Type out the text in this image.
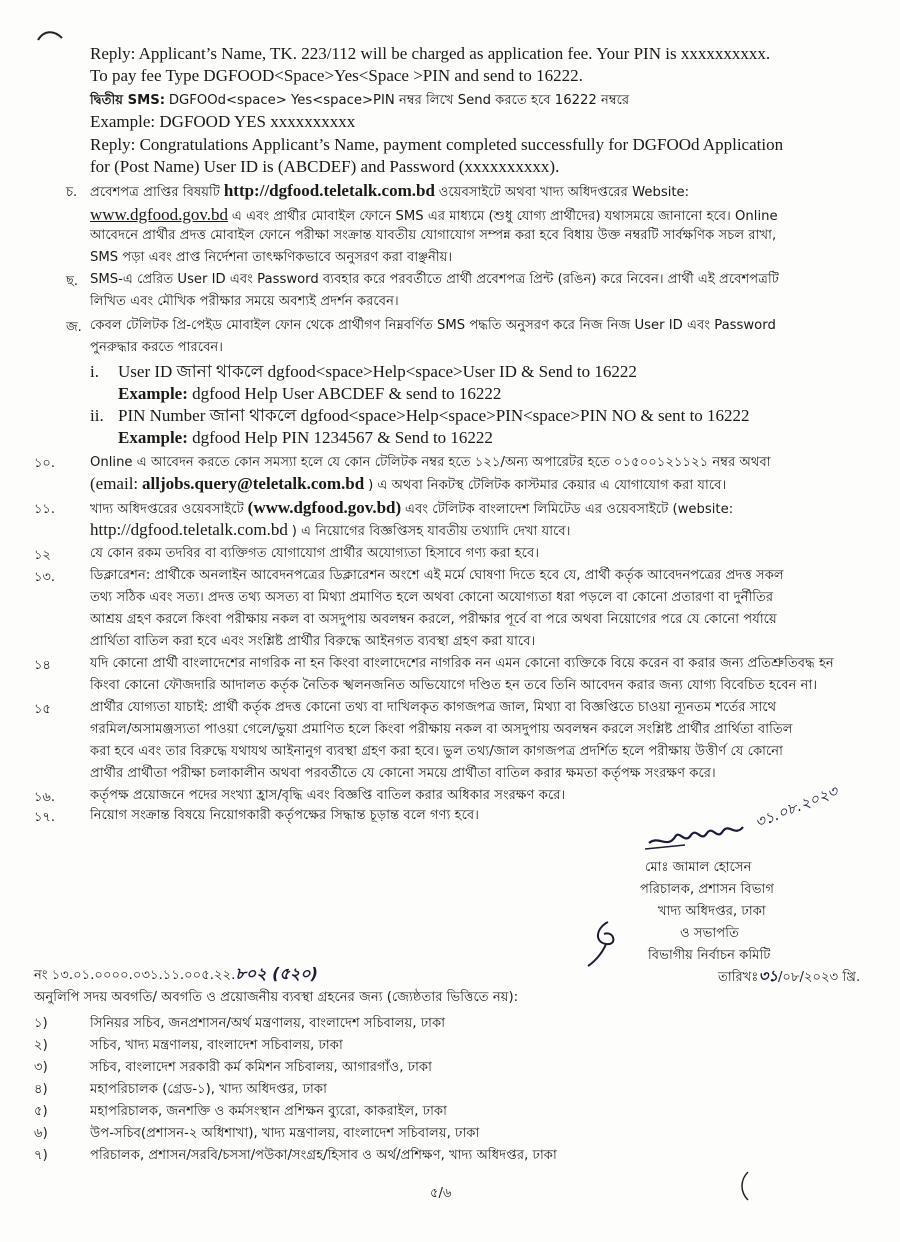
Reply: Applicant’s Name, TK. 223/112 will be charged as application fee. Your PIN is xxxxxxxxxx.
To pay fee Type DGFOOD<Space>Yes<Space >PIN and send to 16222.
দ্বিতীয় SMS: DGFOOd<space> Yes<space>PIN নম্বর লিখে Send করতে হবে 16222 নম্বরে
Example: DGFOOD YES xxxxxxxxxx
Reply: Congratulations Applicant’s Name, payment completed successfully for DGFOOd Application
for (Post Name) User ID is (ABCDEF) and Password (xxxxxxxxxx).
চ. প্রবেশপত্র প্রাপ্তির বিষয়টি http://dgfood.teletalk.com.bd ওয়েবসাইটে অথবা খাদ্য অধিদপ্তরের Website:
www.dgfood.gov.bd এ এবং প্রার্থীর মোবাইল ফোনে SMS এর মাধ্যমে (শুধু যোগ্য প্রার্থীদের) যথাসময়ে জানানো হবে। Online
আবেদনে প্রার্থীর প্রদত্ত মোবাইল ফোনে পরীক্ষা সংক্রান্ত যাবতীয় যোগাযোগ সম্পন্ন করা হবে বিধায় উক্ত নম্বরটি সার্বক্ষণিক সচল রাখা,
SMS পড়া এবং প্রাপ্ত নির্দেশনা তাৎক্ষণিকভাবে অনুসরণ করা বাঞ্ছনীয়।
ছ. SMS-এ প্রেরিত User ID এবং Password ব্যবহার করে পরবর্তীতে প্রার্থী প্রবেশপত্র প্রিন্ট (রঙিন) করে নিবেন। প্রার্থী এই প্রবেশপত্রটি
লিখিত এবং মৌখিক পরীক্ষার সময়ে অবশ্যই প্রদর্শন করবেন।
জ. কেবল টেলিটক প্রি-পেইড মোবাইল ফোন থেকে প্রার্থীগণ নিম্নবর্ণিত SMS পদ্ধতি অনুসরণ করে নিজ নিজ User ID এবং Password
পুনরুদ্ধার করতে পারবেন।
i. User ID জানা থাকলে dgfood<space>Help<space>User ID & Send to 16222
Example: dgfood Help User ABCDEF & send to 16222
ii. PIN Number জানা থাকলে dgfood<space>Help<space>PIN<space>PIN NO & sent to 16222
Example: dgfood Help PIN 1234567 & Send to 16222
১০.	Online এ আবেদন করতে কোন সমস্যা হলে যে কোন টেলিটক নম্বর হতে ১২১/অন্য অপারেটর হতে ০১৫০০১২১১২১ নম্বর অথবা
(email: alljobs.query@teletalk.com.bd ) এ অথবা নিকটস্থ টেলিটক কাস্টমার কেয়ার এ যোগাযোগ করা যাবে।
১১.	খাদ্য অধিদপ্তরের ওয়েবসাইটে (www.dgfood.gov.bd) এবং টেলিটক বাংলাদেশ লিমিটেড এর ওয়েবসাইটে (website:
http://dgfood.teletalk.com.bd ) এ নিয়োগের বিজ্ঞপ্তিসহ যাবতীয় তথ্যাদি দেখা যাবে।
১২	যে কোন রকম তদবির বা ব্যক্তিগত যোগাযোগ প্রার্থীর অযোগ্যতা হিসাবে গণ্য করা হবে।
১৩.	ডিক্লারেশন: প্রার্থীকে অনলাইন আবেদনপত্রের ডিক্লারেশন অংশে এই মর্মে ঘোষণা দিতে হবে যে, প্রার্থী কর্তৃক আবেদনপত্রের প্রদত্ত সকল
তথ্য সঠিক এবং সত্য। প্রদত্ত তথ্য অসত্য বা মিথ্যা প্রমাণিত হলে অথবা কোনো অযোগ্যতা ধরা পড়লে বা কোনো প্রতারণা বা দুর্নীতির
আশ্রয় গ্রহণ করলে কিংবা পরীক্ষায় নকল বা অসদুপায় অবলম্বন করলে, পরীক্ষার পূর্বে বা পরে অথবা নিয়োগের পরে যে কোনো পর্যায়ে
প্রার্থিতা বাতিল করা হবে এবং সংশ্লিষ্ট প্রার্থীর বিরুদ্ধে আইনগত ব্যবস্থা গ্রহণ করা যাবে।
১৪	যদি কোনো প্রার্থী বাংলাদেশের নাগরিক না হন কিংবা বাংলাদেশের নাগরিক নন এমন কোনো ব্যক্তিকে বিয়ে করেন বা করার জন্য প্রতিশ্রুতিবদ্ধ হন
কিংবা কোনো ফৌজদারি আদালত কর্তৃক নৈতিক স্খলনজনিত অভিযোগে দণ্ডিত হন তবে তিনি আবেদন করার জন্য যোগ্য বিবেচিত হবেন না।
১৫	প্রার্থীর যোগ্যতা যাচাই: প্রার্থী কর্তৃক প্রদত্ত কোনো তথ্য বা দাখিলকৃত কাগজপত্র জাল, মিথ্যা বা বিজ্ঞপ্তিতে চাওয়া ন্যূনতম শর্তের সাথে
গরমিল/অসামঞ্জস্যতা পাওয়া গেলে/ভুয়া প্রমাণিত হলে কিংবা পরীক্ষায় নকল বা অসদুপায় অবলম্বন করলে সংশ্লিষ্ট প্রার্থীর প্রার্থিতা বাতিল
করা হবে এবং তার বিরুদ্ধে যথাযথ আইনানুগ ব্যবস্থা গ্রহণ করা হবে। ভুল তথ্য/জাল কাগজপত্র প্রদর্শিত হলে পরীক্ষায় উত্তীর্ণ যে কোনো
প্রার্থীর প্রার্থীতা পরীক্ষা চলাকালীন অথবা পরবর্তীতে যে কোনো সময়ে প্রার্থীতা বাতিল করার ক্ষমতা কর্তৃপক্ষ সংরক্ষণ করে।
১৬.	কর্তৃপক্ষ প্রয়োজনে পদের সংখ্যা হ্রাস/বৃদ্ধি এবং বিজ্ঞপ্তি বাতিল করার অধিকার সংরক্ষণ করে।
১৭.	নিয়োগ সংক্রান্ত বিষয়ে নিয়োগকারী কর্তৃপক্ষের সিদ্ধান্ত চূড়ান্ত বলে গণ্য হবে।	৩১.০৮.২০২৩
মোঃ জামাল হোসেন
পরিচালক, প্রশাসন বিভাগ
খাদ্য অধিদপ্তর, ঢাকা
ও সভাপতি
বিভাগীয় নির্বাচন কমিটি
নং ১৩.০১.০০০০.০৩১.১১.০০৫.২২.৮০২ (৫২০)	তারিখঃ৩১/০৮/২০২৩ খ্রি.
অনুলিপি সদয় অবগতি/ অবগতি ও প্রয়োজনীয় ব্যবস্থা গ্রহনের জন্য (জ্যেষ্ঠতার ভিত্তিতে নয়):
১)	সিনিয়র সচিব, জনপ্রশাসন/অর্থ মন্ত্রণালয়, বাংলাদেশ সচিবালয়, ঢাকা
২)	সচিব, খাদ্য মন্ত্রণালয়, বাংলাদেশ সচিবালয়, ঢাকা
৩)	সচিব, বাংলাদেশ সরকারী কর্ম কমিশন সচিবালয়, আগারগাঁও, ঢাকা
৪)	মহাপরিচালক (গ্রেড-১), খাদ্য অধিদপ্তর, ঢাকা
৫)	মহাপরিচালক, জনশক্তি ও কর্মসংস্থান প্রশিক্ষন ব্যুরো, কাকরাইল, ঢাকা
৬)	উপ-সচিব(প্রশাসন-২ অধিশাখা), খাদ্য মন্ত্রণালয়, বাংলাদেশ সচিবালয়, ঢাকা
৭)	পরিচালক, প্রশাসন/সরবি/চসসা/পউকা/সংগ্রহ/হিসাব ও অর্থ/প্রশিক্ষণ, খাদ্য অধিদপ্তর, ঢাকা
৫/৬
